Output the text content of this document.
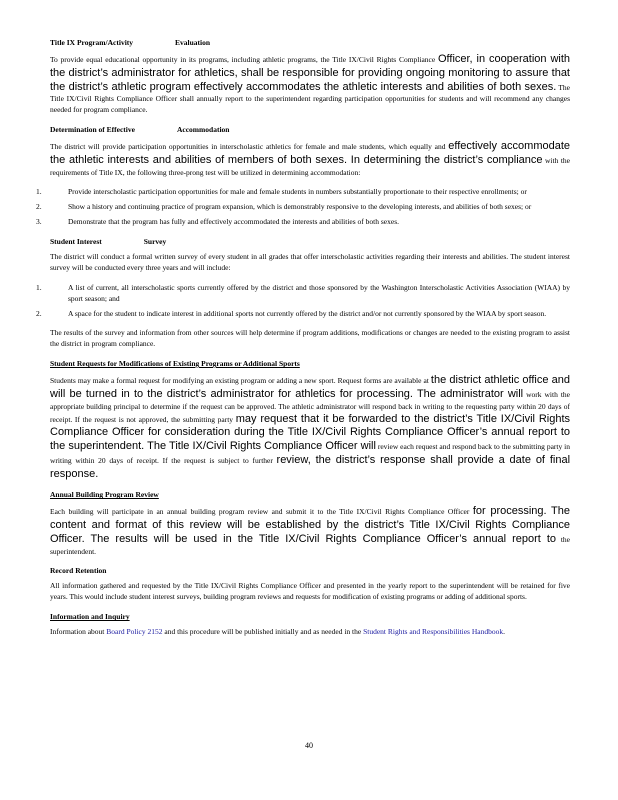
Title IX Program/Activity	Evaluation

To provide equal educational opportunity in its programs, including athletic programs, the Title IX/Civil Rights Compliance Officer, in cooperation with the district’s administrator for athletics, shall be responsible for providing ongoing monitoring to assure that the district’s athletic program effectively accommodates the athletic interests and abilities of both sexes. The Title IX/Civil Rights Compliance Officer shall annually report to the superintendent regarding participation opportunities for students and will recommend any changes needed for program compliance.

Determination of Effective	Accommodation

The district will provide participation opportunities in interscholastic athletics for female and male students, which equally and effectively accommodate the athletic interests and abilities of members of both sexes. In determining the district’s compliance with the requirements of Title IX, the following three-prong test will be utilized in determining accommodation:

1.	Provide interscholastic participation opportunities for male and female students in numbers substantially proportionate to their respective enrollments; or
2.	Show a history and continuing practice of program expansion, which is demonstrably responsive to the developing interests, and abilities of both sexes; or
3.	Demonstrate that the program has fully and effectively accommodated the interests and abilities of both sexes.
Student Interest	Survey

The district will conduct a formal written survey of every student in all grades that offer interscholastic activities regarding their interests and abilities. The student interest survey will be conducted every three years and will include:

1.	A list of current, all interscholastic sports currently offered by the district and those sponsored by the Washington Interscholastic Activities Association (WIAA) by sport season; and
2.	A space for the student to indicate interest in additional sports not currently offered by the district and/or not currently sponsored by the WIAA by sport season.

The results of the survey and information from other sources will help determine if program additions, modifications or changes are needed to the existing program to assist the district in program compliance.

Student Requests for Modifications of Existing Programs or Additional Sports

Students may make a formal request for modifying an existing program or adding a new sport. Request forms are available at the district athletic office and will be turned in to the district’s administrator for athletics for processing. The administrator will work with the appropriate building principal to determine if the request can be approved. The athletic administrator will respond back in writing to the requesting party within 20 days of receipt. If the request is not approved, the submitting party may request that it be forwarded to the district’s Title IX/Civil Rights Compliance Officer for consideration during the Title IX/Civil Rights Compliance Officer’s annual report to the superintendent. The Title IX/Civil Rights Compliance Officer will review each request and respond back to the submitting party in writing within 20 days of receipt. If the request is subject to further review, the district’s response shall provide a date of final response.

Annual Building Program Review

Each building will participate in an annual building program review and submit it to the Title IX/Civil Rights Compliance Officer for processing. The content and format of this review will be established by the district’s Title IX/Civil Rights Compliance Officer. The results will be used in the Title IX/Civil Rights Compliance Officer’s annual report to the superintendent.

Record Retention

All information gathered and requested by the Title IX/Civil Rights Compliance Officer and presented in the yearly report to the superintendent will be retained for five years. This would include student interest surveys, building program reviews and requests for modification of existing programs or adding of additional sports.

Information and Inquiry

Information about Board Policy 2152 and this procedure will be published initially and as needed in the Student Rights and Responsibilities Handbook.

40
